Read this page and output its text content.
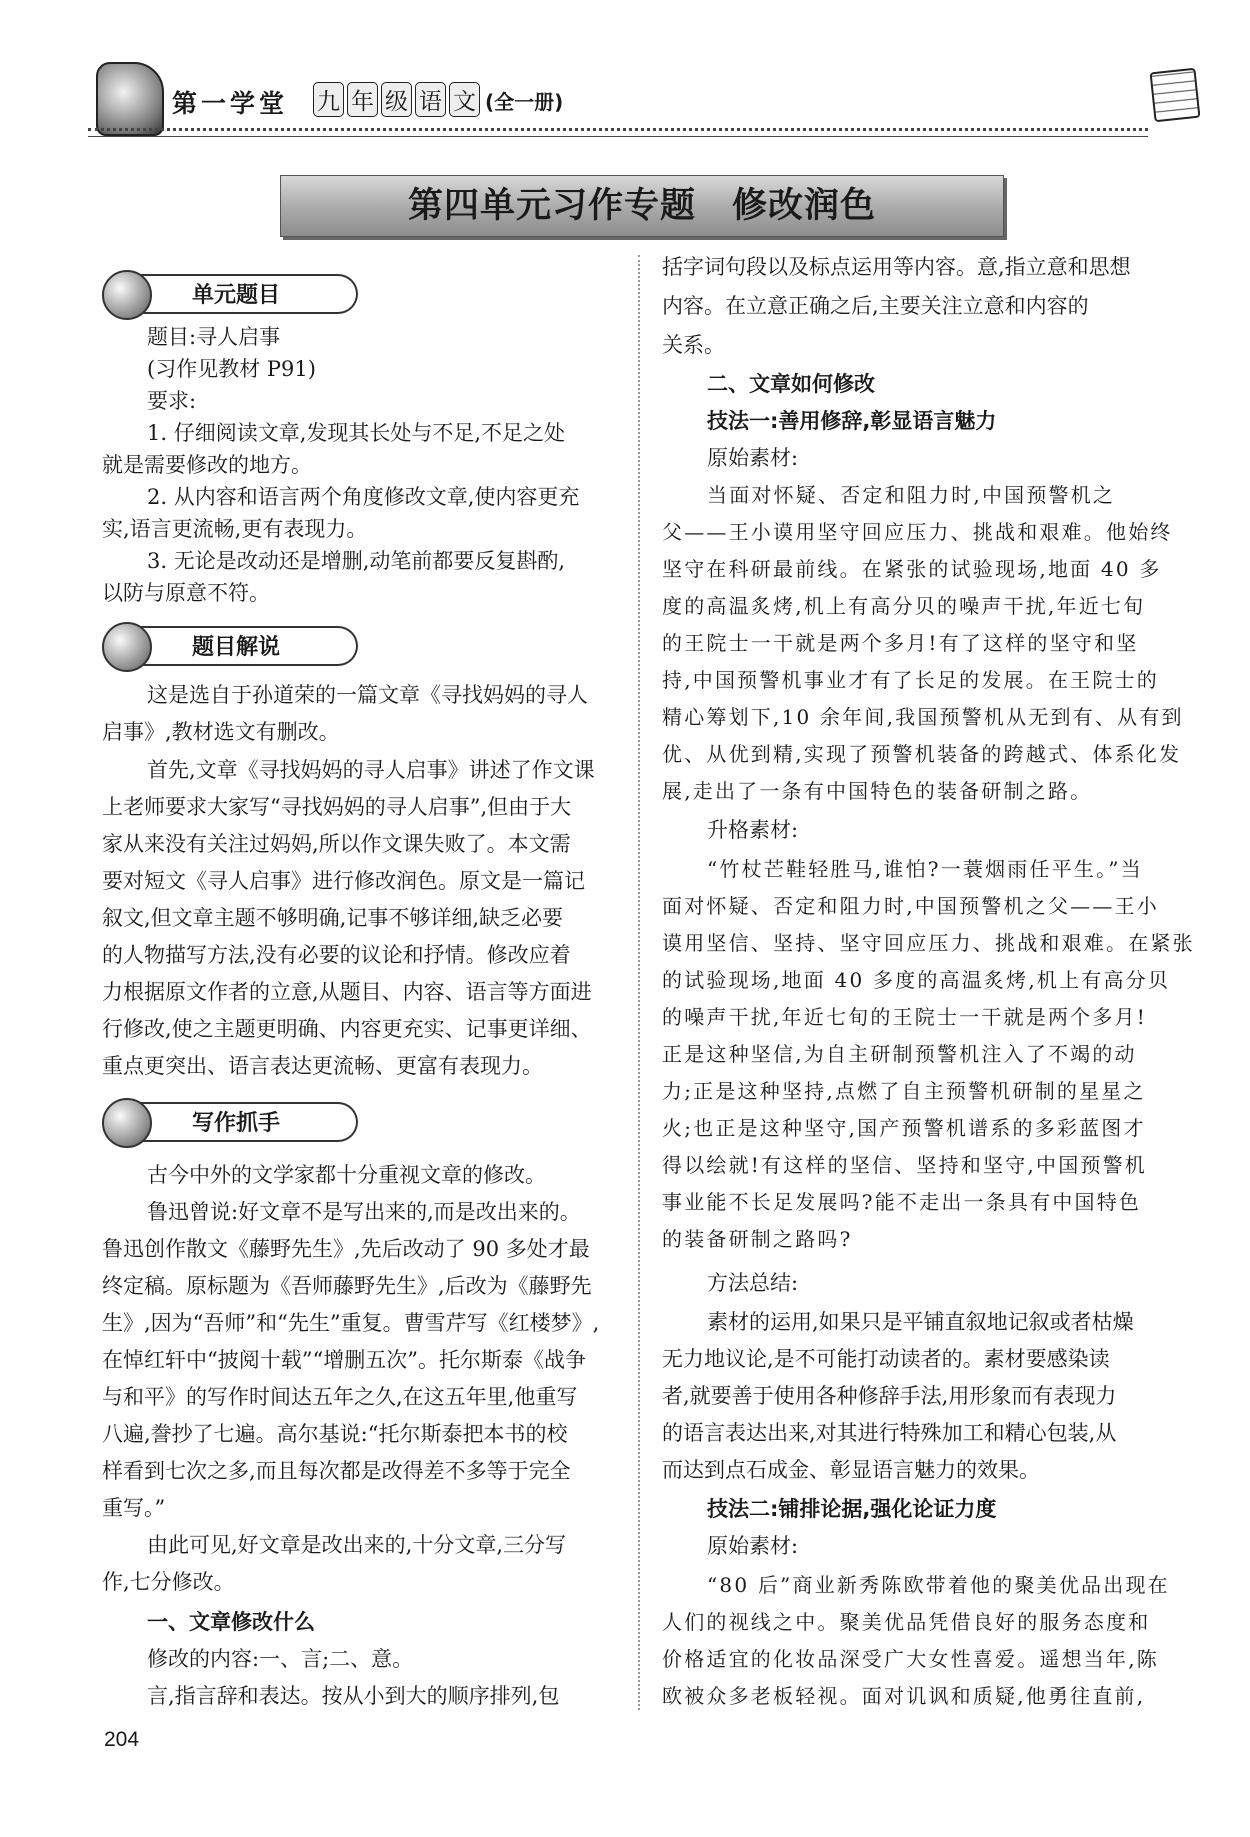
第一学堂 九 年 级 语 文 (全一册)
第四单元习作专题　修改润色
单元题目
题目:寻人启事
(习作见教材 P91)
要求:
1. 仔细阅读文章,发现其长处与不足,不足之处
就是需要修改的地方。
2. 从内容和语言两个角度修改文章,使内容更充
实,语言更流畅,更有表现力。
3. 无论是改动还是增删,动笔前都要反复斟酌,
以防与原意不符。
题目解说
这是选自于孙道荣的一篇文章《寻找妈妈的寻人
启事》,教材选文有删改。
首先,文章《寻找妈妈的寻人启事》讲述了作文课
上老师要求大家写“寻找妈妈的寻人启事”,但由于大
家从来没有关注过妈妈,所以作文课失败了。本文需
要对短文《寻人启事》进行修改润色。原文是一篇记
叙文,但文章主题不够明确,记事不够详细,缺乏必要
的人物描写方法,没有必要的议论和抒情。修改应着
力根据原文作者的立意,从题目、内容、语言等方面进
行修改,使之主题更明确、内容更充实、记事更详细、
重点更突出、语言表达更流畅、更富有表现力。
写作抓手
古今中外的文学家都十分重视文章的修改。
鲁迅曾说:好文章不是写出来的,而是改出来的。
鲁迅创作散文《藤野先生》,先后改动了 90 多处才最
终定稿。原标题为《吾师藤野先生》,后改为《藤野先
生》,因为“吾师”和“先生”重复。曹雪芹写《红楼梦》,
在悼红轩中“披阅十载”“增删五次”。托尔斯泰《战争
与和平》的写作时间达五年之久,在这五年里,他重写
八遍,誊抄了七遍。高尔基说:“托尔斯泰把本书的校
样看到七次之多,而且每次都是改得差不多等于完全
重写。”
由此可见,好文章是改出来的,十分文章,三分写
作,七分修改。
一、文章修改什么
修改的内容:一、言;二、意。
言,指言辞和表达。按从小到大的顺序排列,包
括字词句段以及标点运用等内容。意,指立意和思想
内容。在立意正确之后,主要关注立意和内容的
关系。
二、文章如何修改
技法一:善用修辞,彰显语言魅力
原始素材:
当面对怀疑、否定和阻力时,中国预警机之
父——王小谟用坚守回应压力、挑战和艰难。他始终
坚守在科研最前线。在紧张的试验现场,地面 40 多
度的高温炙烤,机上有高分贝的噪声干扰,年近七旬
的王院士一干就是两个多月!有了这样的坚守和坚
持,中国预警机事业才有了长足的发展。在王院士的
精心筹划下,10 余年间,我国预警机从无到有、从有到
优、从优到精,实现了预警机装备的跨越式、体系化发
展,走出了一条有中国特色的装备研制之路。
升格素材:
“竹杖芒鞋轻胜马,谁怕?一蓑烟雨任平生。”当
面对怀疑、否定和阻力时,中国预警机之父——王小
谟用坚信、坚持、坚守回应压力、挑战和艰难。在紧张
的试验现场,地面 40 多度的高温炙烤,机上有高分贝
的噪声干扰,年近七旬的王院士一干就是两个多月!
正是这种坚信,为自主研制预警机注入了不竭的动
力;正是这种坚持,点燃了自主预警机研制的星星之
火;也正是这种坚守,国产预警机谱系的多彩蓝图才
得以绘就!有这样的坚信、坚持和坚守,中国预警机
事业能不长足发展吗?能不走出一条具有中国特色
的装备研制之路吗?
方法总结:
素材的运用,如果只是平铺直叙地记叙或者枯燥
无力地议论,是不可能打动读者的。素材要感染读
者,就要善于使用各种修辞手法,用形象而有表现力
的语言表达出来,对其进行特殊加工和精心包装,从
而达到点石成金、彰显语言魅力的效果。
技法二:铺排论据,强化论证力度
原始素材:
“80 后”商业新秀陈欧带着他的聚美优品出现在
人们的视线之中。聚美优品凭借良好的服务态度和
价格适宜的化妆品深受广大女性喜爱。遥想当年,陈
欧被众多老板轻视。面对讥讽和质疑,他勇往直前,
204
